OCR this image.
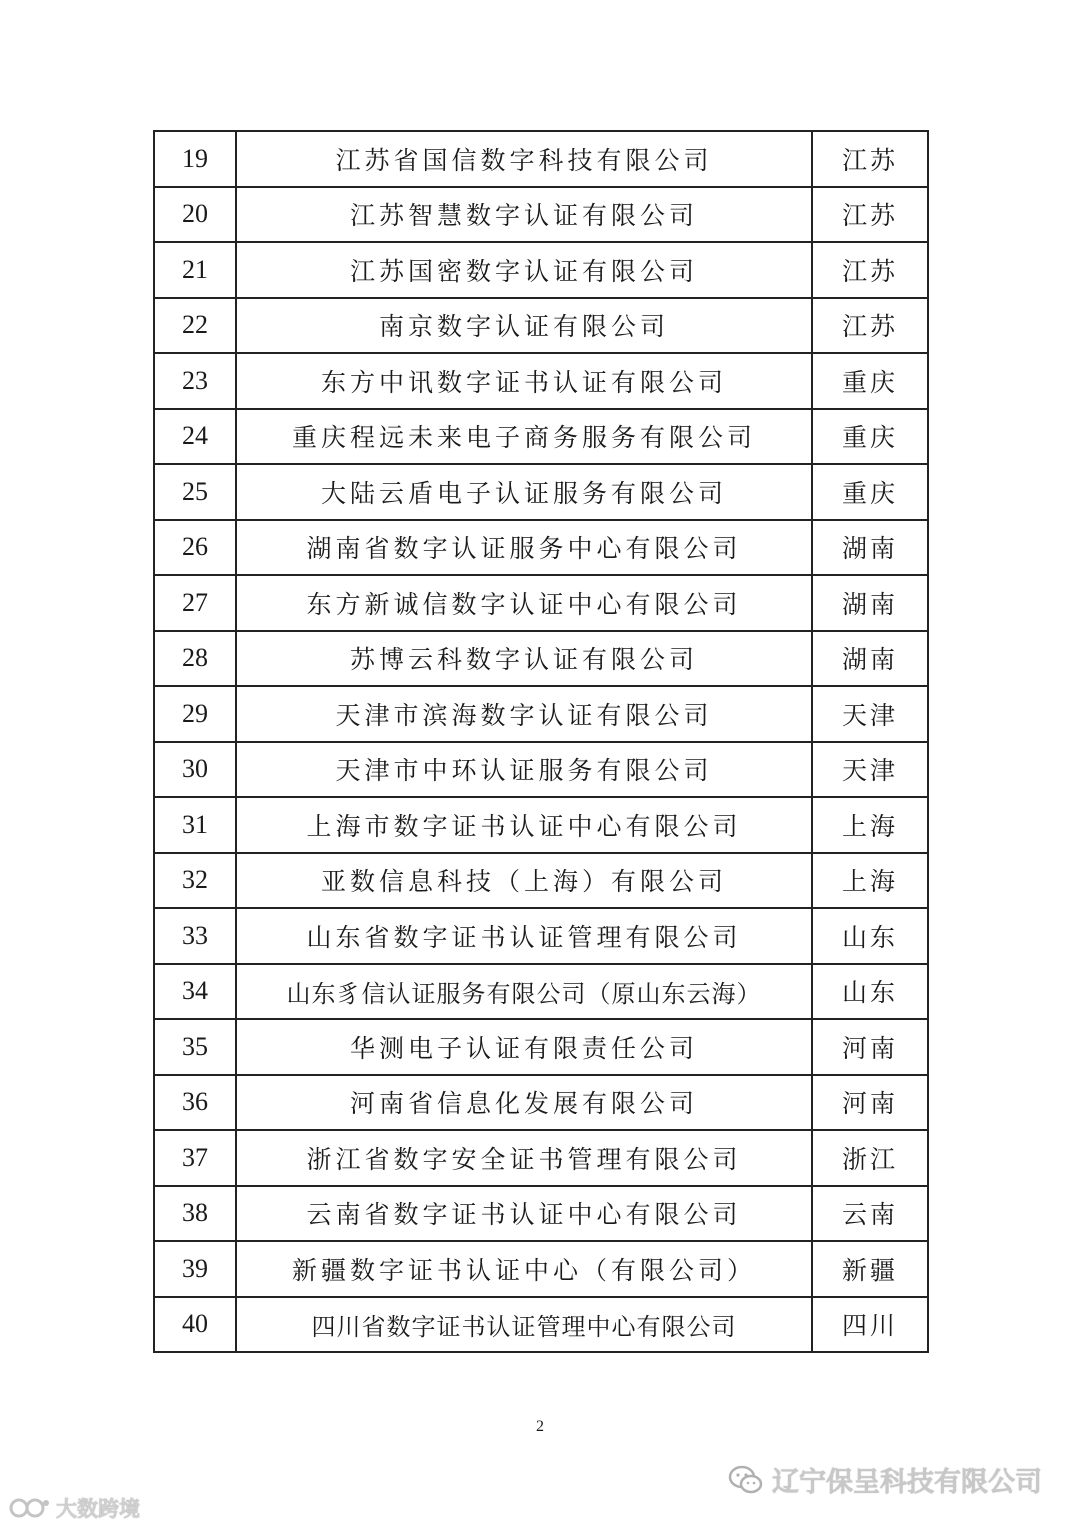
19	江苏省国信数字科技有限公司	江苏
20	江苏智慧数字认证有限公司	江苏
21	江苏国密数字认证有限公司	江苏
22	南京数字认证有限公司	江苏
23	东方中讯数字证书认证有限公司	重庆
24	重庆程远未来电子商务服务有限公司	重庆
25	大陆云盾电子认证服务有限公司	重庆
26	湖南省数字认证服务中心有限公司	湖南
27	东方新诚信数字认证中心有限公司	湖南
28	苏博云科数字认证有限公司	湖南
29	天津市滨海数字认证有限公司	天津
30	天津市中环认证服务有限公司	天津
31	上海市数字证书认证中心有限公司	上海
32	亚数信息科技（上海）有限公司	上海
33	山东省数字证书认证管理有限公司	山东
34	山东豸信认证服务有限公司（原山东云海）	山东
35	华测电子认证有限责任公司	河南
36	河南省信息化发展有限公司	河南
37	浙江省数字安全证书管理有限公司	浙江
38	云南省数字证书认证中心有限公司	云南
39	新疆数字证书认证中心（有限公司）	新疆
40	四川省数字证书认证管理中心有限公司	四川
2
辽宁保呈科技有限公司
大数跨境
